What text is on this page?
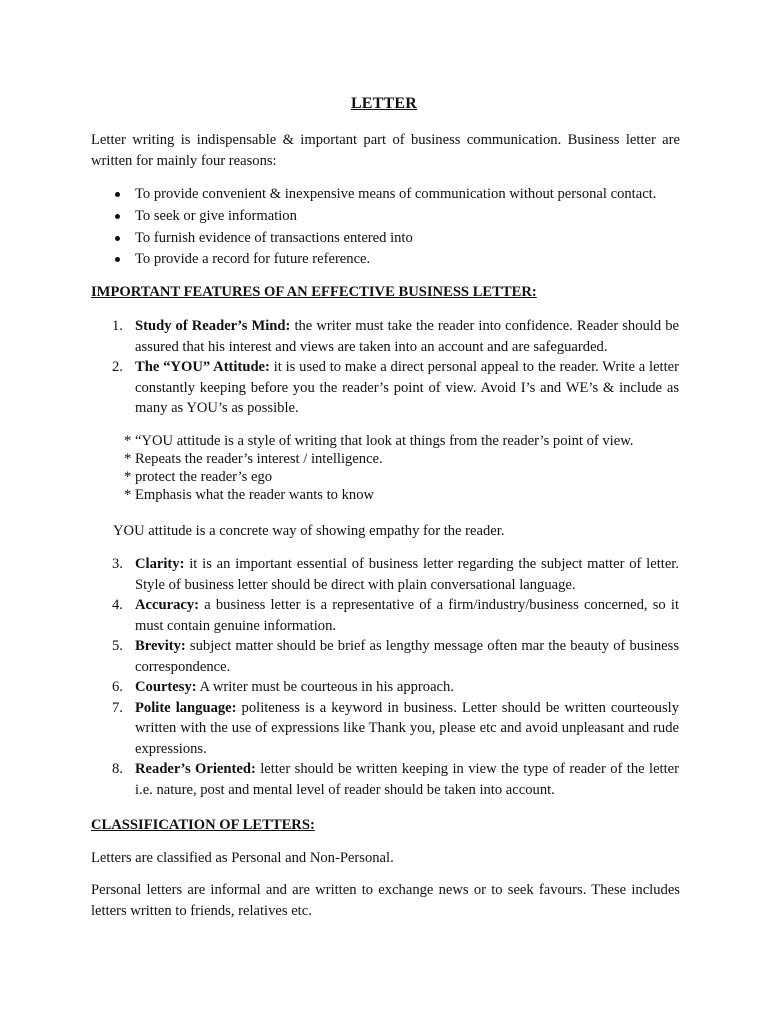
LETTER

Letter writing is indispensable & important part of business communication. Business letter are written for mainly four reasons:

To provide convenient & inexpensive means of communication without personal contact.
To seek or give information
To furnish evidence of transactions entered into
To provide a record for future reference.

IMPORTANT FEATURES OF AN EFFECTIVE BUSINESS LETTER:

1. Study of Reader’s Mind: the writer must take the reader into confidence. Reader should be assured that his interest and views are taken into an account and are safeguarded.
2. The “YOU” Attitude: it is used to make a direct personal appeal to the reader. Write a letter constantly keeping before you the reader’s point of view. Avoid I’s and WE’s & include as many as YOU’s as possible.
* “YOU attitude is a style of writing that look at things from the reader’s point of view.
* Repeats the reader’s interest / intelligence.
* protect the reader’s ego
* Emphasis what the reader wants to know

YOU attitude is a concrete way of showing empathy for the reader.

3. Clarity: it is an important essential of business letter regarding the subject matter of letter. Style of business letter should be direct with plain conversational language.
4. Accuracy: a business letter is a representative of a firm/industry/business concerned, so it must contain genuine information.
5. Brevity: subject matter should be brief as lengthy message often mar the beauty of business correspondence.
6. Courtesy: A writer must be courteous in his approach.
7. Polite language: politeness is a keyword in business. Letter should be written courteously written with the use of expressions like Thank you, please etc and avoid unpleasant and rude expressions.
8. Reader’s Oriented: letter should be written keeping in view the type of reader of the letter i.e. nature, post and mental level of reader should be taken into account.

CLASSIFICATION OF LETTERS:

Letters are classified as Personal and Non-Personal.

Personal letters are informal and are written to exchange news or to seek favours. These includes letters written to friends, relatives etc.
